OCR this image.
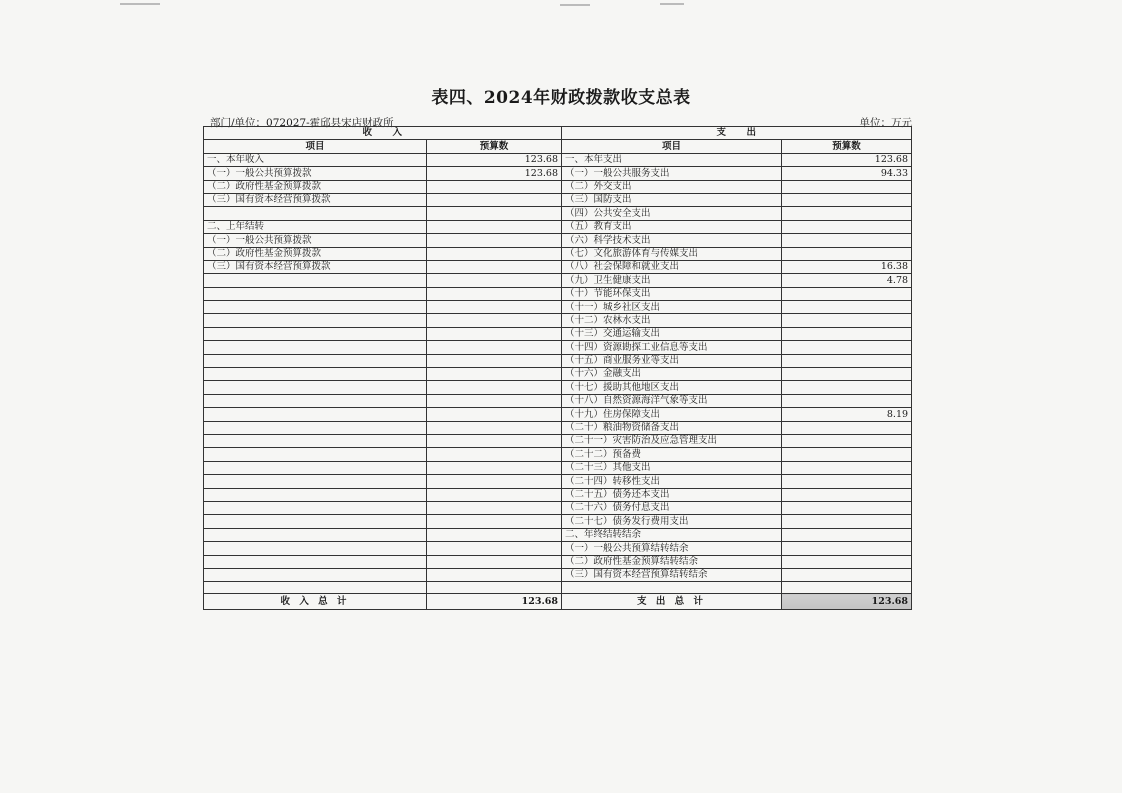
表四、2024年财政拨款收支总表
部门/单位：072027-霍邱县宋店财政所	单位：万元
收　　入		支　　出	
项目	预算数	项目	预算数
一、本年收入	123.68	一、本年支出	123.68
（一）一般公共预算拨款	123.68	（一）一般公共服务支出	94.33
（二）政府性基金预算拨款		（二）外交支出	
（三）国有资本经营预算拨款		（三）国防支出	
		（四）公共安全支出	
二、上年结转		（五）教育支出	
（一）一般公共预算拨款		（六）科学技术支出	
（二）政府性基金预算拨款		（七）文化旅游体育与传媒支出	
（三）国有资本经营预算拨款		（八）社会保障和就业支出	16.38
		（九）卫生健康支出	4.78
		（十）节能环保支出	
		（十一）城乡社区支出	
		（十二）农林水支出	
		（十三）交通运输支出	
		（十四）资源勘探工业信息等支出	
		（十五）商业服务业等支出	
		（十六）金融支出	
		（十七）援助其他地区支出	
		（十八）自然资源海洋气象等支出	
		（十九）住房保障支出	8.19
		（二十）粮油物资储备支出	
		（二十一）灾害防治及应急管理支出	
		（二十二）预备费	
		（二十三）其他支出	
		（二十四）转移性支出	
		（二十五）债务还本支出	
		（二十六）债务付息支出	
		（二十七）债务发行费用支出	
		二、年终结转结余	
		（一）一般公共预算结转结余	
		（二）政府性基金预算结转结余	
		（三）国有资本经营预算结转结余	

收 入 总 计	123.68	支 出 总 计	123.68
